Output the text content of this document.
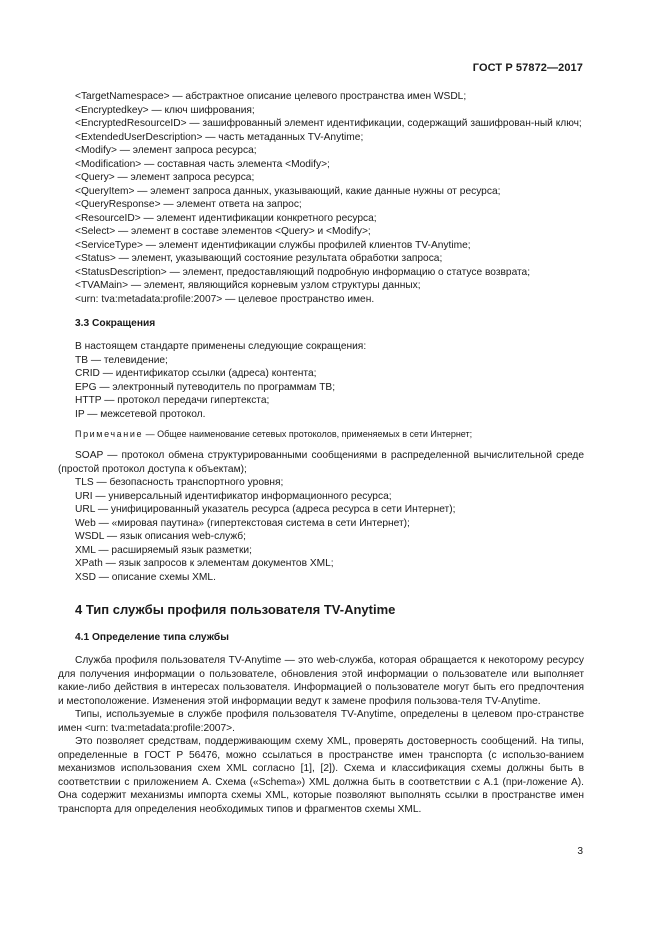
ГОСТ Р 57872—2017
<TargetNamespace> — абстрактное описание целевого пространства имен WSDL;
<Encryptedkey> — ключ шифрования;
<EncryptedResourceID> — зашифрованный элемент идентификации, содержащий зашифрован-ный ключ;
<ExtendedUserDescription> — часть метаданных TV-Anytime;
<Modify> — элемент запроса ресурса;
<Modification> — составная часть элемента <Modify>;
<Query> — элемент запроса ресурса;
<QueryItem> — элемент запроса данных, указывающий, какие данные нужны от ресурса;
<QueryResponse> — элемент ответа на запрос;
<ResourceID> — элемент идентификации конкретного ресурса;
<Select> — элемент в составе элементов <Query> и <Modify>;
<ServiceType> — элемент идентификации службы профилей клиентов TV-Anytime;
<Status> — элемент, указывающий состояние результата обработки запроса;
<StatusDescription> — элемент, предоставляющий подробную информацию о статусе возврата;
<TVAMain> — элемент, являющийся корневым узлом структуры данных;
<urn: tva:metadata:profile:2007> — целевое пространство имен.
3.3 Сокращения
В настоящем стандарте применены следующие сокращения:
ТВ — телевидение;
CRID — идентификатор ссылки (адреса) контента;
EPG — электронный путеводитель по программам ТВ;
HTTP — протокол передачи гипертекста;
IP — межсетевой протокол.
Примечание — Общее наименование сетевых протоколов, применяемых в сети Интернет;
SOAP — протокол обмена структурированными сообщениями в распределенной вычислительной среде (простой протокол доступа к объектам);
TLS — безопасность транспортного уровня;
URI — универсальный идентификатор информационного ресурса;
URL — унифицированный указатель ресурса (адреса ресурса в сети Интернет);
Web — «мировая паутина» (гипертекстовая система в сети Интернет);
WSDL — язык описания web-служб;
XML — расширяемый язык разметки;
XPath — язык запросов к элементам документов XML;
XSD — описание схемы XML.
4 Тип службы профиля пользователя TV-Anytime
4.1 Определение типа службы
Служба профиля пользователя TV-Anytime — это web-служба, которая обращается к некоторому ресурсу для получения информации о пользователе, обновления этой информации о пользователе или выполняет какие-либо действия в интересах пользователя. Информацией о пользователе могут быть его предпочтения и местоположение. Изменения этой информации ведут к замене профиля пользова-теля TV-Anytime.
Типы, используемые в службе профиля пользователя TV-Anytime, определены в целевом про-странстве имен <urn: tva:metadata:profile:2007>.
Это позволяет средствам, поддерживающим схему XML, проверять достоверность сообщений. На типы, определенные в ГОСТ Р 56476, можно ссылаться в пространстве имен транспорта (с использо-ванием механизмов использования схем XML согласно [1], [2]). Схема и классификация схемы должны быть в соответствии с приложением А. Схема («Schema») XML должна быть в соответствии с А.1 (при-ложение А). Она содержит механизмы импорта схемы XML, которые позволяют выполнять ссылки в пространстве имен транспорта для определения необходимых типов и фрагментов схемы XML.
3
